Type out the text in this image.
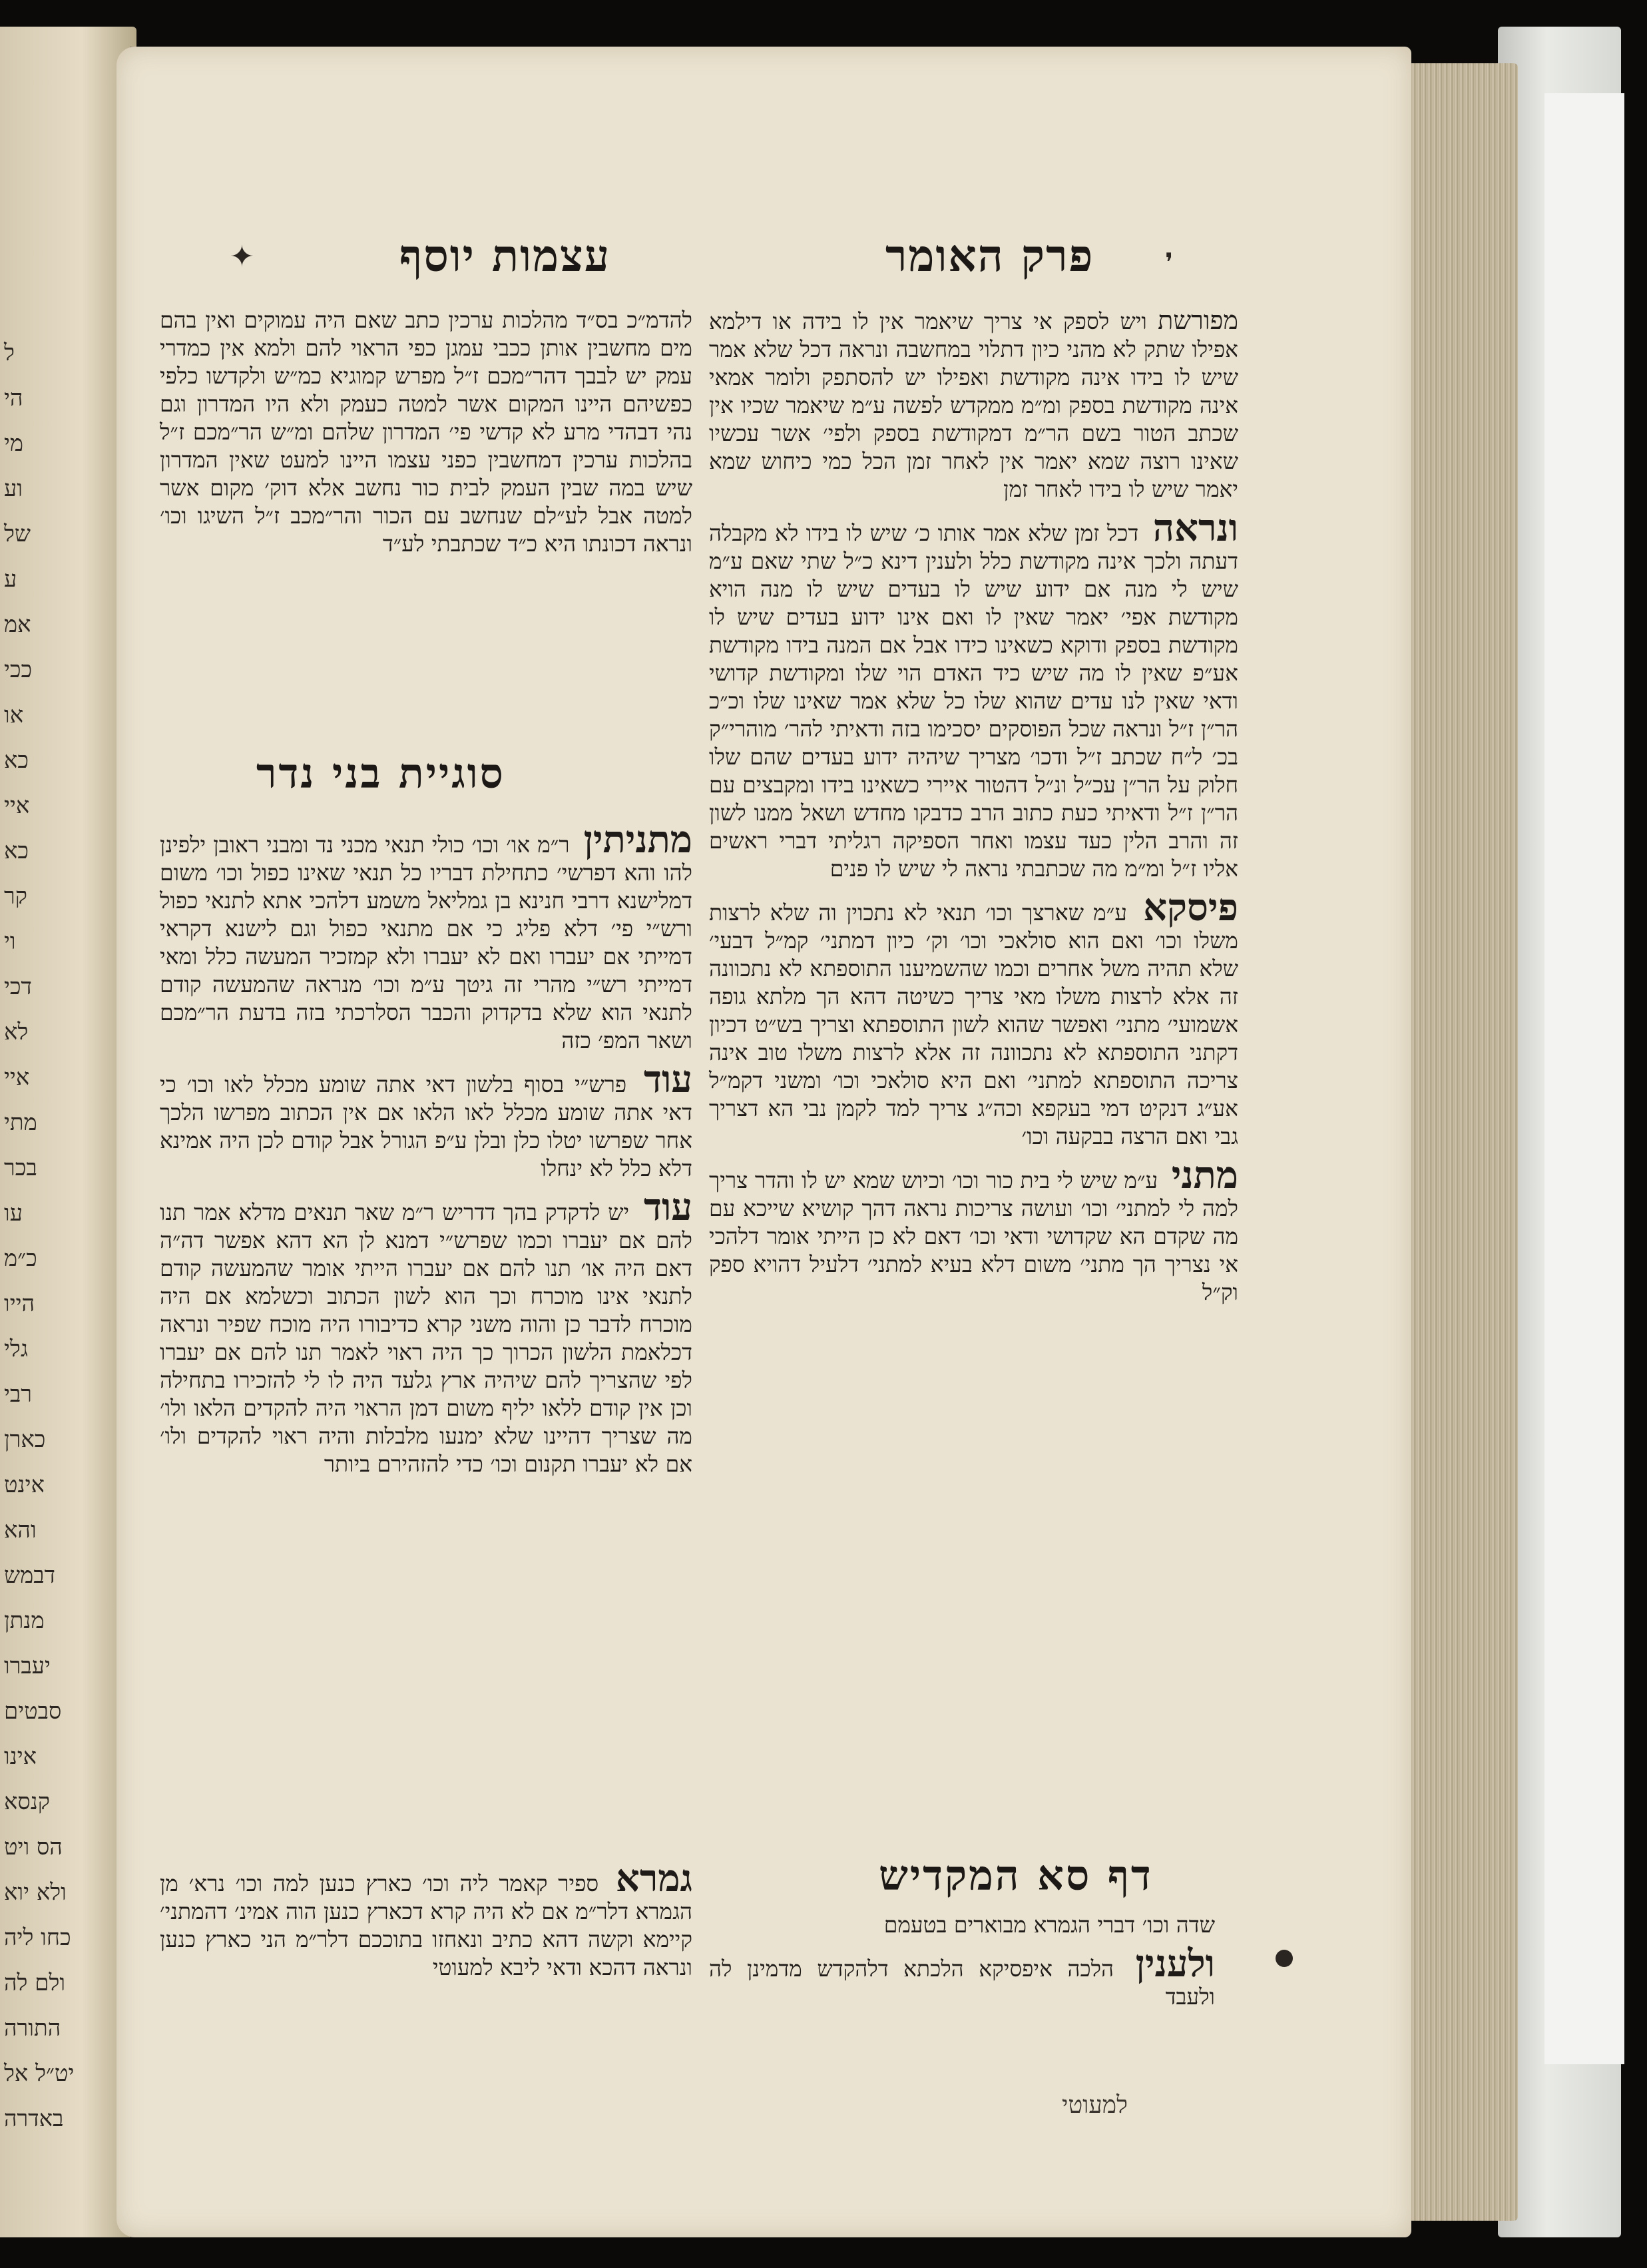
ל
הי
מי
וע
של
ע
אמ
ככי
או
כא
איי
כא
קר
וי
דכי
לא
איי
מתי
בכר
עו
כ״מ
הייו
גלי
רבי
כארן
אינט
והא
דבמש
מנתן
יעברו
סבטים
אינו
קנסא
הס ויט
ולא יוא
כחו ליה
ולם לה
התורה
יט״ל אל
באדרה
✦	❜
פרק האומר
עצמות יוסף

מפורשת ויש לספק אי צריך שיאמר אין לו בידה או דילמא אפילו שתק לא מהני כיון דתלוי במחשבה ונראה דכל שלא אמר שיש לו בידו אינה מקודשת ואפילו יש להסתפק ולומר אמאי אינה מקודשת בספק ומ״מ ממקדש לפשה ע״מ שיאמר שכיו אין שכתב הטור בשם הר״מ דמקודשת בספק ולפי׳ אשר עכשיו שאינו רוצה שמא יאמר אין לאחר זמן הכל כמי כיחוש שמא יאמר שיש לו בידו לאחר זמן

ונראה דכל זמן שלא אמר אותו כ׳ שיש לו בידו לא מקבלה דעתה ולכך אינה מקודשת כלל ולענין דינא כ״ל שתי שאם ע״מ שיש לי מנה אם ידוע שיש לו בעדים שיש לו מנה הויא מקודשת אפי׳ יאמר שאין לו ואם אינו ידוע בעדים שיש לו מקודשת בספק ודוקא כשאינו כידו אבל אם המנה בידו מקודשת אע״פ שאין לו מה שיש כיד האדם הוי שלו ומקודשת קדושי ודאי שאין לנו עדים שהוא שלו כל שלא אמר שאינו שלו וכ״כ הר״ן ז״ל ונראה שכל הפוסקים יסכימו בזה ודאיתי להר׳ מוהרי״ק בכ׳ ל״ח שכתב ז״ל ודכו׳ מצריך שיהיה ידוע בעדים שהם שלו חלוק על הר״ן עכ״ל ונ״ל דהטור איירי כשאינו בידו ומקבצים עם הר״ן ז״ל ודאיתי כעת כתוב הרב כדבקו מחדש ושאל ממנו לשון זה והרב הלין כעד עצמו ואחר הספיקה רגליתי דברי ראשים אליו ז״ל ומ״מ מה שכתבתי נראה לי שיש לו פנים

פיסקא ע״מ שארצך וכו׳ תנאי לא נתכוין וה שלא לרצות משלו וכו׳ ואם הוא סולאכי וכו׳ וק׳ כיון דמתני׳ קמ״ל דבעי׳ שלא תהיה משל אחרים וכמו שהשמיענו התוספתא לא נתכוונה זה אלא לרצות משלו מאי צריך כשיטה דהא הך מלתא גופה אשמועי׳ מתני׳ ואפשר שהוא לשון התוספתא וצריך בש״ט דכיון דקתני התוספתא לא נתכוונה זה אלא לרצות משלו טוב אינה צריכה התוספתא למתני׳ ואם היא סולאכי וכו׳ ומשני דקמ״ל אע״ג דנקיט דמי בעקפא וכה״ג צריך למד לקמן נבי הא דצריך גבי ואם הרצה בבקעה וכו׳

מתני ע״מ שיש לי בית כור וכו׳ וכיוש שמא יש לו והדר צריך למה לי למתני׳ וכו׳ ועושה צריכות נראה דהך קושיא שייכא עם מה שקדם הא שקדושי ודאי וכו׳ דאם לא כן הייתי אומר דלהכי אי נצריך הך מתני׳ משום דלא בעיא למתני׳ דלעיל דהויא ספק וק״ל

דף סא המקדיש

שדה וכו׳ דברי הגמרא מבוארים בטעמם

ולענין הלכה איפסיקא הלכתא דלהקדש מדמינן לה ולעבד

להדמ״כ בס״ד מהלכות ערכין כתב שאם היה עמוקים ואין בהם מים מחשבין אותן ככבי עמגן כפי הראוי להם ולמא אין כמדרי עמק יש לבבך דהר״מכם ז״ל מפרש קמוגיא כמ״ש ולקדשו כלפי כפשיהם היינו המקום אשר למטה כעמק ולא היו המדרון וגם נהי דבהדי מרע לא קדשי פי׳ המדרון שלהם ומ״ש הר״מכם ז״ל בהלכות ערכין דמחשבין כפני עצמו היינו למעט שאין המדרון שיש במה שבין העמק לבית כור נחשב אלא דוק׳ מקום אשר למטה אבל לע״לם שנחשב עם הכור והר״מכב ז״ל השיגו וכו׳ ונראה דכונתו היא כ״ד שכתבתי לע״ד

סוגיית בני נדר

מתניתין ר״מ או׳ וכו׳ כולי תנאי מכני נד ומבני ראובן ילפינן להו והא דפרשי׳ כתחילת דבריו כל תנאי שאינו כפול וכו׳ משום דמלישנא דרבי חנינא בן גמליאל משמע דלהכי אתא לתנאי כפול ורש״י פי׳ דלא פליג כי אם מתנאי כפול וגם לישנא דקראי דמייתי אם יעברו ואם לא יעברו ולא קמזכיר המעשה כלל ומאי דמייתי רש״י מהרי זה גיטך ע״מ וכו׳ מנראה שהמעשה קודם לתנאי הוא שלא בדקדוק והכבר הסלרכתי בזה בדעת הר״מכם ושאר המפ׳ כזה

עוד פרש״י בסוף בלשון דאי אתה שומע מכלל לאו וכו׳ כי דאי אתה שומע מכלל לאו הלאו אם אין הכתוב מפרשו הלכך אחר שפרשו יטלו כלן ובלן ע״פ הגורל אבל קודם לכן היה אמינא דלא כלל לא ינחלו

עוד יש לדקדק בהך דדריש ר״מ שאר תנאים מדלא אמר תנו להם אם יעברו וכמו שפרש״י דמנא לן הא דהא אפשר דה״ה דאם היה או׳ תנו להם אם יעברו הייתי אומר שהמעשה קודם לתנאי אינו מוכרח וכך הוא לשון הכתוב וכשלמא אם היה מוכרח לדבר כן והוה משני קרא כדיבורו היה מוכח שפיר ונראה דכלאמת הלשון הכרוך כך היה ראוי לאמר תנו להם אם יעברו לפי שהצריך להם שיהיה ארץ גלעד היה לו לי להזכירו בתחילה וכן אין קודם ללאו יליף משום דמן הראוי היה להקדים הלאו ולו׳ מה שצריך דהיינו שלא ימנעו מלבלות והיה ראוי להקדים ולו׳ אם לא יעברו תקנום וכו׳ כדי להזהירם ביותר

גמרא ספיר קאמר ליה וכו׳ כארץ כנען למה וכו׳ נרא׳ מן הגמרא דלר״מ אם לא היה קרא דכארץ כנען הוה אמינ׳ דהמתני׳ קיימא וקשה דהא כתיב ונאחזו בתוככם דלר״מ הני כארץ כנען ונראה דהכא ודאי ליבא למעוטי

למעוטי
